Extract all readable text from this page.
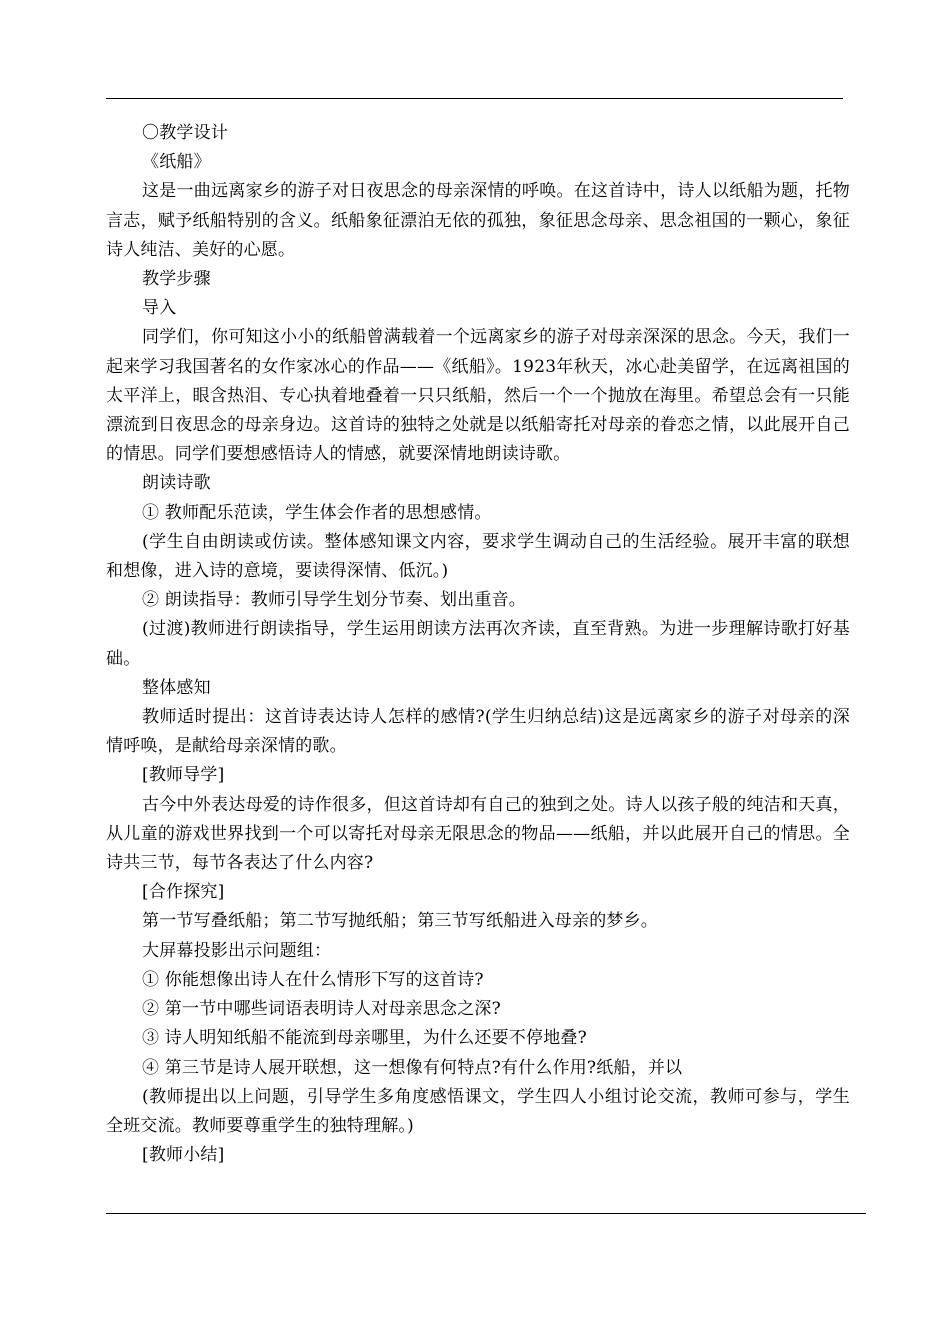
〇教学设计

《纸船》

这是一曲远离家乡的游子对日夜思念的母亲深情的呼唤。在这首诗中，诗人以纸船为题，托物言志，赋予纸船特别的含义。纸船象征漂泊无依的孤独，象征思念母亲、思念祖国的一颗心，象征诗人纯洁、美好的心愿。

教学步骤

导入

同学们，你可知这小小的纸船曾满载着一个远离家乡的游子对母亲深深的思念。今天，我们一起来学习我国著名的女作家冰心的作品——《纸船》。1923年秋天，冰心赴美留学，在远离祖国的太平洋上，眼含热泪、专心执着地叠着一只只纸船，然后一个一个抛放在海里。希望总会有一只能漂流到日夜思念的母亲身边。这首诗的独特之处就是以纸船寄托对母亲的眷恋之情，以此展开自己的情思。同学们要想感悟诗人的情感，就要深情地朗读诗歌。

朗读诗歌

① 教师配乐范读，学生体会作者的思想感情。

(学生自由朗读或仿读。整体感知课文内容，要求学生调动自己的生活经验。展开丰富的联想和想像，进入诗的意境，要读得深情、低沉。)

② 朗读指导：教师引导学生划分节奏、划出重音。

(过渡)教师进行朗读指导，学生运用朗读方法再次齐读，直至背熟。为进一步理解诗歌打好基础。

整体感知

教师适时提出：这首诗表达诗人怎样的感情?(学生归纳总结)这是远离家乡的游子对母亲的深情呼唤，是献给母亲深情的歌。

[教师导学]

古今中外表达母爱的诗作很多，但这首诗却有自己的独到之处。诗人以孩子般的纯洁和天真，从儿童的游戏世界找到一个可以寄托对母亲无限思念的物品——纸船，并以此展开自己的情思。全诗共三节，每节各表达了什么内容?

[合作探究]

第一节写叠纸船；第二节写抛纸船；第三节写纸船进入母亲的梦乡。

大屏幕投影出示问题组：

① 你能想像出诗人在什么情形下写的这首诗?

② 第一节中哪些词语表明诗人对母亲思念之深?

③ 诗人明知纸船不能流到母亲哪里，为什么还要不停地叠?

④ 第三节是诗人展开联想，这一想像有何特点?有什么作用?纸船，并以

(教师提出以上问题，引导学生多角度感悟课文，学生四人小组讨论交流，教师可参与，学生全班交流。教师要尊重学生的独特理解。)

[教师小结]
